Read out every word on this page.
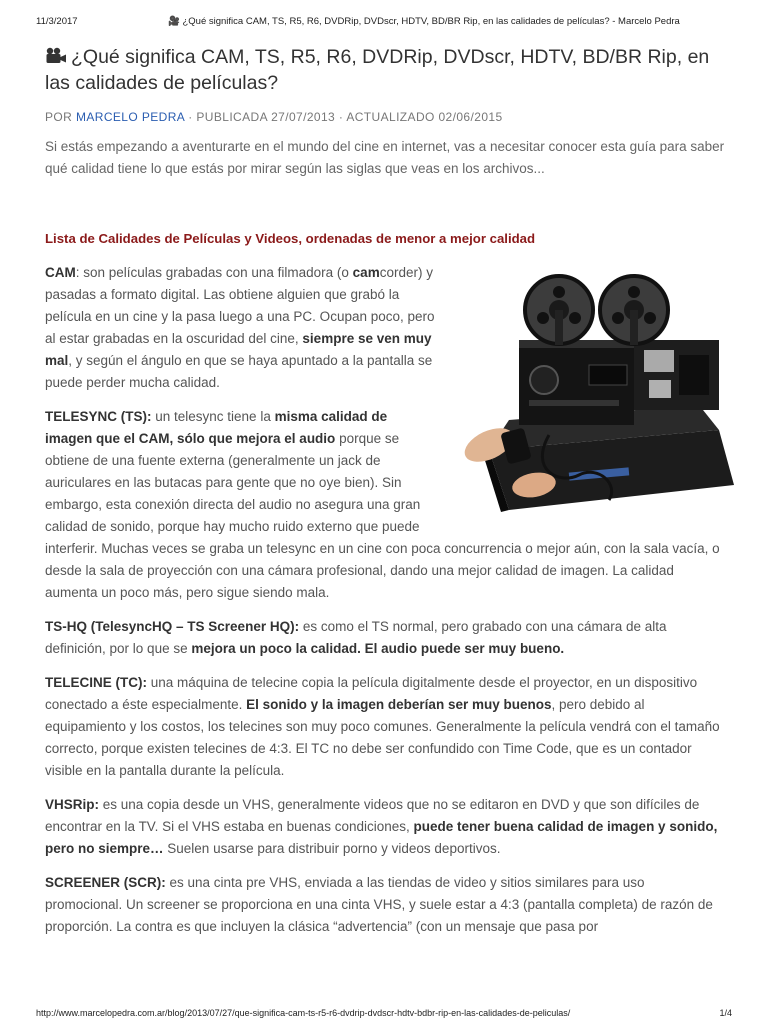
11/3/2017	🎥 ¿Qué significa CAM, TS, R5, R6, DVDRip, DVDscr, HDTV, BD/BR Rip, en las calidades de películas? - Marcelo Pedra
¿Qué significa CAM, TS, R5, R6, DVDRip, DVDscr, HDTV, BD/BR Rip, en las calidades de películas?
POR MARCELO PEDRA · PUBLICADA 27/07/2013 · ACTUALIZADO 02/06/2015

Si estás empezando a aventurarte en el mundo del cine en internet, vas a necesitar conocer esta guía para saber qué calidad tiene lo que estás por mirar según las siglas que veas en los archivos...

Lista de Calidades de Películas y Videos, ordenadas de menor a mejor calidad

CAM: son películas grabadas con una filmadora (o camcorder) y pasadas a formato digital. Las obtiene alguien que grabó la película en un cine y la pasa luego a una PC. Ocupan poco, pero al estar grabadas en la oscuridad del cine, siempre se ven muy mal, y según el ángulo en que se haya apuntado a la pantalla se puede perder mucha calidad.

TELESYNC (TS): un telesync tiene la misma calidad de imagen que el CAM, sólo que mejora el audio porque se obtiene de una fuente externa (generalmente un jack de auriculares en las butacas para gente que no oye bien). Sin embargo, esta conexión directa del audio no asegura una gran calidad de sonido, porque hay mucho ruido externo que puede interferir. Muchas veces se graba un telesync en un cine con poca concurrencia o mejor aún, con la sala vacía, o desde la sala de proyección con una cámara profesional, dando una mejor calidad de imagen. La calidad aumenta un poco más, pero sigue siendo mala.

TS-HQ (TelesyncHQ – TS Screener HQ): es como el TS normal, pero grabado con una cámara de alta definición, por lo que se mejora un poco la calidad. El audio puede ser muy bueno.

TELECINE (TC): una máquina de telecine copia la película digitalmente desde el proyector, en un dispositivo conectado a éste especialmente. El sonido y la imagen deberían ser muy buenos, pero debido al equipamiento y los costos, los telecines son muy poco comunes. Generalmente la película vendrá con el tamaño correcto, porque existen telecines de 4:3. El TC no debe ser confundido con Time Code, que es un contador visible en la pantalla durante la película.

VHSRip: es una copia desde un VHS, generalmente videos que no se editaron en DVD y que son difíciles de encontrar en la TV. Si el VHS estaba en buenas condiciones, puede tener buena calidad de imagen y sonido, pero no siempre… Suelen usarse para distribuir porno y videos deportivos.

SCREENER (SCR): es una cinta pre VHS, enviada a las tiendas de video y sitios similares para uso promocional. Un screener se proporciona en una cinta VHS, y suele estar a 4:3 (pantalla completa) de razón de proporción. La contra es que incluyen la clásica “advertencia” (con un mensaje que pasa por

http://www.marcelopedra.com.ar/blog/2013/07/27/que-significa-cam-ts-r5-r6-dvdrip-dvdscr-hdtv-bdbr-rip-en-las-calidades-de-peliculas/	1/4
